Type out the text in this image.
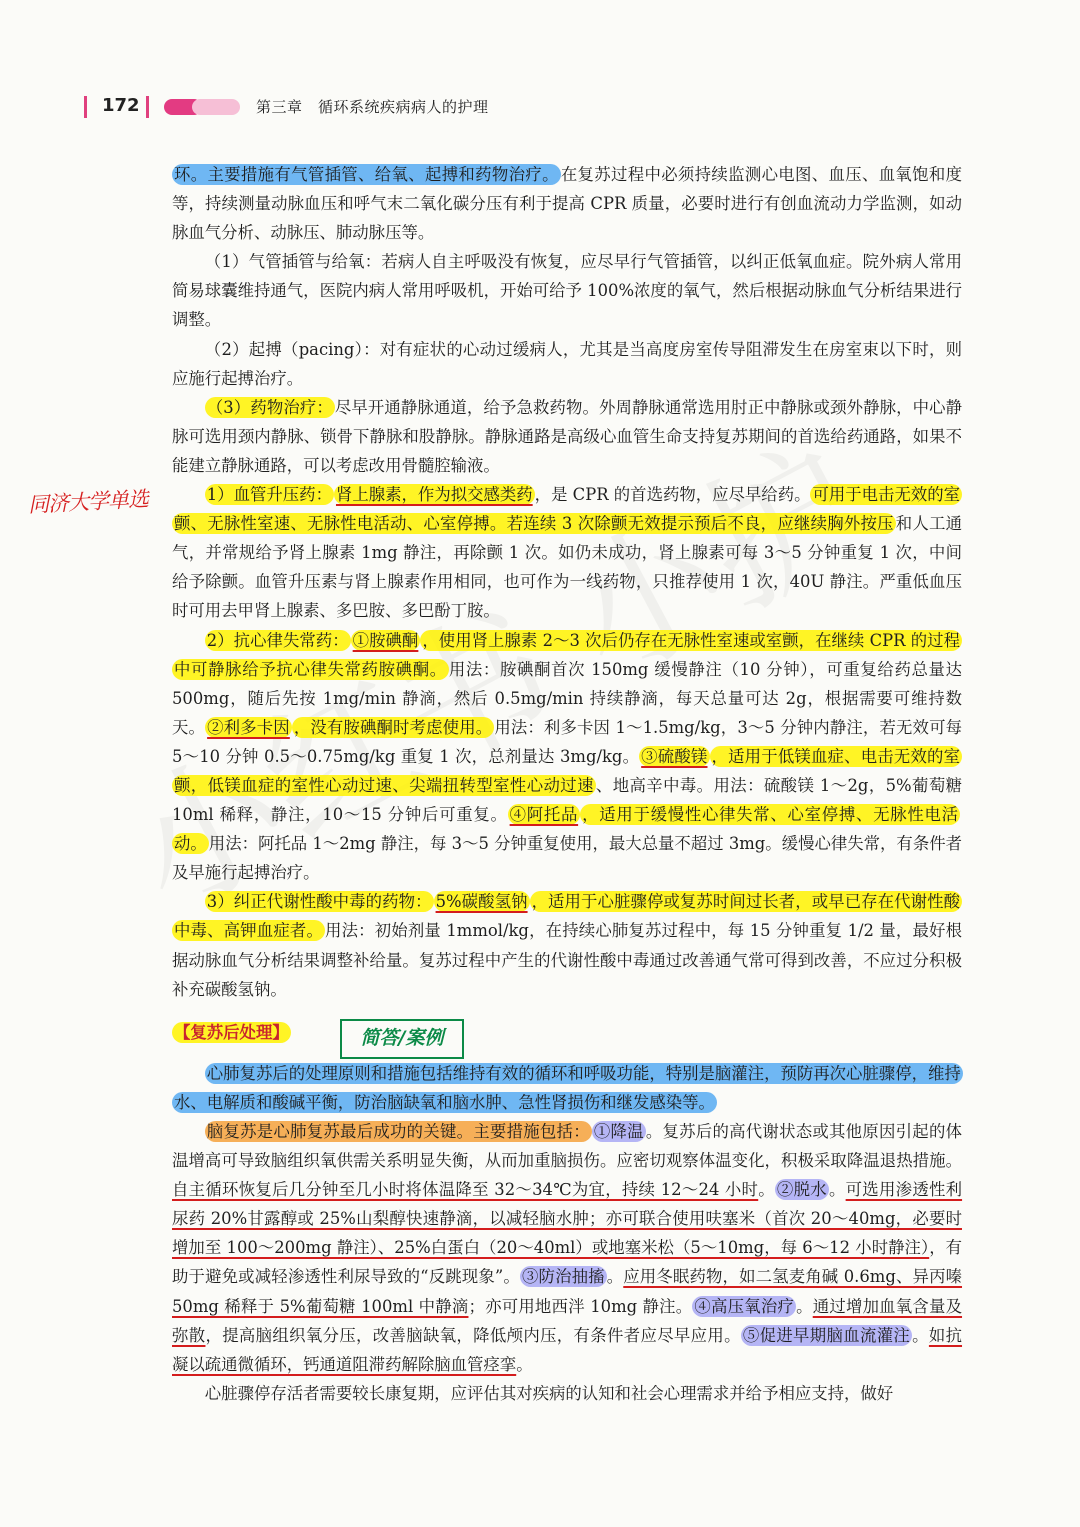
172	第三章　循环系统疾病病人的护理
同济大学单选
简答/案例

环。主要措施有气管插管、给氧、起搏和药物治疗。 在复苏过程中必须持续监测心电图、血压、血氧饱和度等，持续测量动脉血压和呼气末二氧化碳分压有利于提高 CPR 质量，必要时进行有创血流动力学监测，如动脉血气分析、动脉压、肺动脉压等。

（1）气管插管与给氧：若病人自主呼吸没有恢复，应尽早行气管插管，以纠正低氧血症。院外病人常用简易球囊维持通气，医院内病人常用呼吸机，开始可给予 100%浓度的氧气，然后根据动脉血气分析结果进行调整。

（2）起搏（pacing）：对有症状的心动过缓病人，尤其是当高度房室传导阻滞发生在房室束以下时，则应施行起搏治疗。

（3）药物治疗： 尽早开通静脉通道，给予急救药物。外周静脉通常选用肘正中静脉或颈外静脉，中心静脉可选用颈内静脉、锁骨下静脉和股静脉。静脉通路是高级心血管生命支持复苏期间的首选给药通路，如果不能建立静脉通路，可以考虑改用骨髓腔输液。

1）血管升压药： 肾上腺素，作为拟交感类药 ，是 CPR 的首选药物，应尽早给药。 可用于电击无效的室颤、无脉性室速、无脉性电活动、心室停搏。若连续 3 次除颤无效提示预后不良，应继续胸外按压 和人工通气，并常规给予肾上腺素 1mg 静注，再除颤 1 次。如仍未成功，肾上腺素可每 3～5 分钟重复 1 次，中间给予除颤。血管升压素与肾上腺素作用相同，也可作为一线药物，只推荐使用 1 次，40U 静注。严重低血压时可用去甲肾上腺素、多巴胺、多巴酚丁胺。

2）抗心律失常药： ①胺碘酮 ，使用肾上腺素 2～3 次后仍存在无脉性室速或室颤，在继续 CPR 的过程中可静脉给予抗心律失常药胺碘酮。 用法：胺碘酮首次 150mg 缓慢静注（10 分钟），可重复给药总量达 500mg，随后先按 1mg/min 静滴，然后 0.5mg/min 持续静滴，每天总量可达 2g，根据需要可维持数天。 ②利多卡因 ，没有胺碘酮时考虑使用。 用法：利多卡因 1～1.5mg/kg，3～5 分钟内静注，若无效可每 5～10 分钟 0.5～0.75mg/kg 重复 1 次，总剂量达 3mg/kg。 ③硫酸镁 ，适用于低镁血症、电击无效的室颤，低镁血症的室性心动过速、尖端扭转型室性心动过速 、地高辛中毒。用法：硫酸镁 1～2g，5%葡萄糖 10ml 稀释，静注，10～15 分钟后可重复。 ④阿托品 ，适用于缓慢性心律失常、心室停搏、无脉性电活动。 用法：阿托品 1～2mg 静注，每 3～5 分钟重复使用，最大总量不超过 3mg。缓慢心律失常，有条件者及早施行起搏治疗。

3）纠正代谢性酸中毒的药物： 5%碳酸氢钠 ，适用于心脏骤停或复苏时间过长者，或早已存在代谢性酸中毒、高钾血症者。 用法：初始剂量 1mmol/kg，在持续心肺复苏过程中，每 15 分钟重复 1/2 量，最好根据动脉血气分析结果调整补给量。复苏过程中产生的代谢性酸中毒通过改善通气常可得到改善，不应过分积极补充碳酸氢钠。

【复苏后处理】

心肺复苏后的处理原则和措施包括维持有效的循环和呼吸功能，特别是脑灌注，预防再次心脏骤停，维持水、电解质和酸碱平衡，防治脑缺氧和脑水肿、急性肾损伤和继发感染等。

脑复苏是心肺复苏最后成功的关键。主要措施包括： ①降温 。复苏后的高代谢状态或其他原因引起的体温增高可导致脑组织氧供需关系明显失衡，从而加重脑损伤。应密切观察体温变化，积极采取降温退热措施。自主循环恢复后几分钟至几小时将体温降至 32～34℃为宜，持续 12～24 小时。 ②脱水 。可选用渗透性利尿药 20%甘露醇或 25%山梨醇快速静滴，以减轻脑水肿；亦可联合使用呋塞米（首次 20～40mg，必要时增加至 100～200mg 静注）、25%白蛋白（20～40ml）或地塞米松（5～10mg，每 6～12 小时静注），有助于避免或减轻渗透性利尿导致的“反跳现象”。 ③防治抽搐 。应用冬眠药物，如二氢麦角碱 0.6mg、异丙嗪 50mg 稀释于 5%葡萄糖 100ml 中静滴；亦可用地西泮 10mg 静注。 ④高压氧治疗 。通过增加血氧含量及弥散，提高脑组织氧分压，改善脑缺氧，降低颅内压，有条件者应尽早应用。 ⑤促进早期脑血流灌注 。如抗凝以疏通微循环，钙通道阻滞药解除脑血管痉挛。

心脏骤停存活者需要较长康复期，应评估其对疾病的认知和社会心理需求并给予相应支持，做好
